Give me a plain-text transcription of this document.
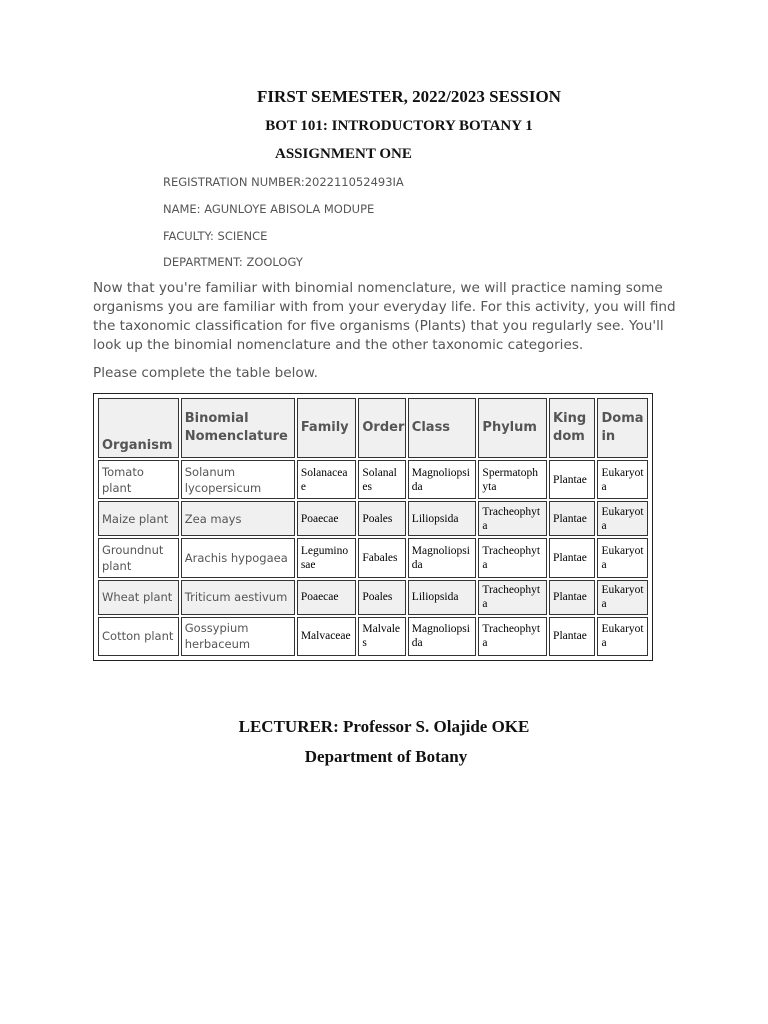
FIRST SEMESTER, 2022/2023 SESSION
BOT 101: INTRODUCTORY BOTANY 1
ASSIGNMENT ONE
REGISTRATION NUMBER:202211052493IA
NAME: AGUNLOYE ABISOLA MODUPE
FACULTY: SCIENCE
DEPARTMENT: ZOOLOGY
Now that you're familiar with binomial nomenclature, we will practice naming some organisms you are familiar with from your everyday life. For this activity, you will find the taxonomic classification for five organisms (Plants) that you regularly see. You'll look up the binomial nomenclature and the other taxonomic categories.
Please complete the table below.
Organism	Binomial Nomenclature	Family	Order	Class	Phylum	Kingdom	Domain
Tomato plant	Solanum lycopersicum	Solanaceae	Solanales	Magnoliopsida	Spermatophyta	Plantae	Eukaryota
Maize plant	Zea mays	Poaecae	Poales	Liliopsida	Tracheophyta	Plantae	Eukaryota
Groundnut plant	Arachis hypogaea	Leguminosae	Fabales	Magnoliopsida	Tracheophyta	Plantae	Eukaryota
Wheat plant	Triticum aestivum	Poaecae	Poales	Liliopsida	Tracheophyta	Plantae	Eukaryota
Cotton plant	Gossypium herbaceum	Malvaceae	Malvales	Magnoliopsida	Tracheophyta	Plantae	Eukaryota
LECTURER: Professor S. Olajide OKE
Department of Botany
